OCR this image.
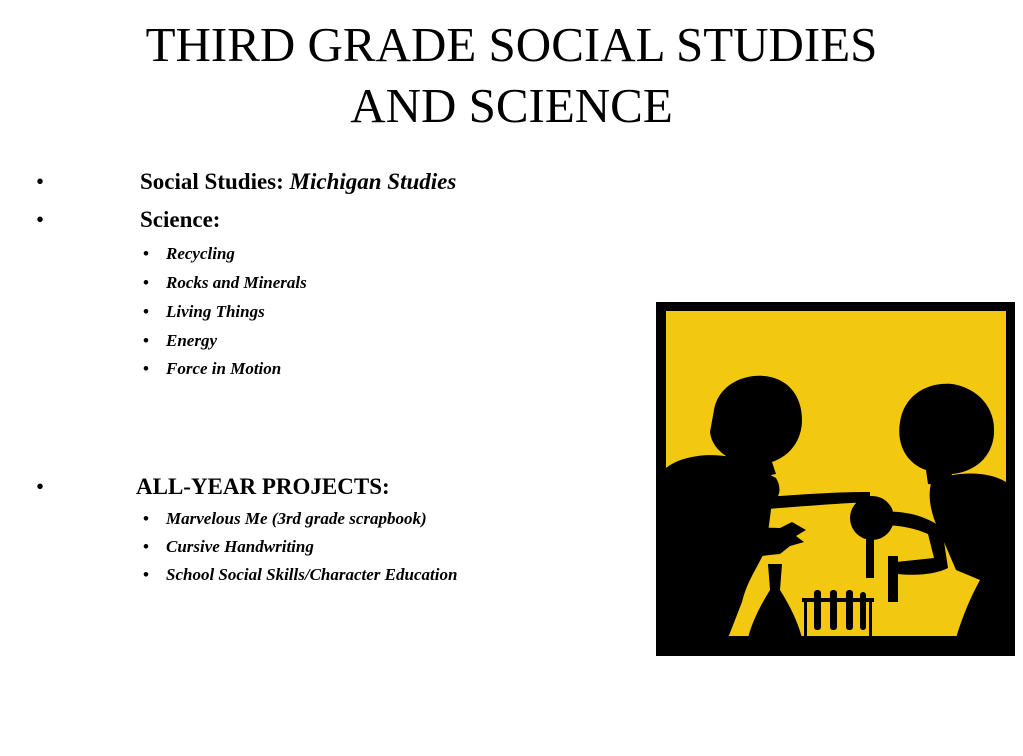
THIRD GRADE SOCIAL STUDIES
AND SCIENCE
•	Social Studies: Michigan Studies
•	Science:
• Recycling
• Rocks and Minerals
• Living Things
• Energy
• Force in Motion
•	ALL-YEAR PROJECTS:
• Marvelous Me (3rd grade scrapbook)
• Cursive Handwriting
• School Social Skills/Character Education
